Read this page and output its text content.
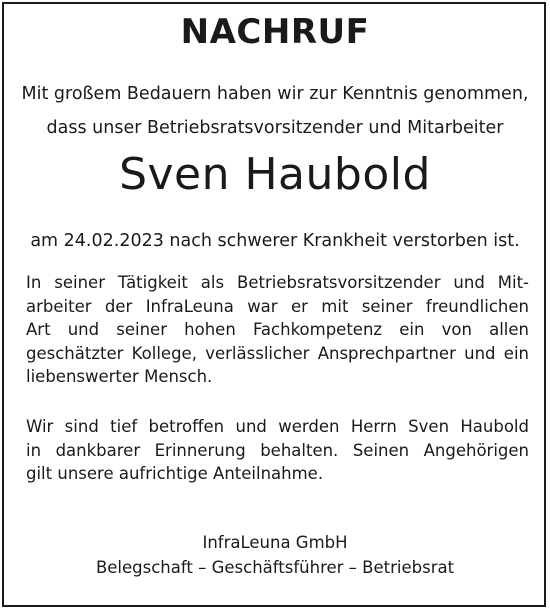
NACHRUF
Mit großem Bedauern haben wir zur Kenntnis genommen,
dass unser Betriebsratsvorsitzender und Mitarbeiter
Sven Haubold
am 24.02.2023 nach schwerer Krankheit verstorben ist.
In seiner Tätigkeit als Betriebsratsvorsitzender und Mit-
arbeiter der InfraLeuna war er mit seiner freundlichen
Art und seiner hohen Fachkompetenz ein von allen
geschätzter Kollege, verlässlicher Ansprechpartner und ein
liebenswerter Mensch.
Wir sind tief betroffen und werden Herrn Sven Haubold
in dankbarer Erinnerung behalten. Seinen Angehörigen
gilt unsere aufrichtige Anteilnahme.
InfraLeuna GmbH
Belegschaft – Geschäftsführer – Betriebsrat
